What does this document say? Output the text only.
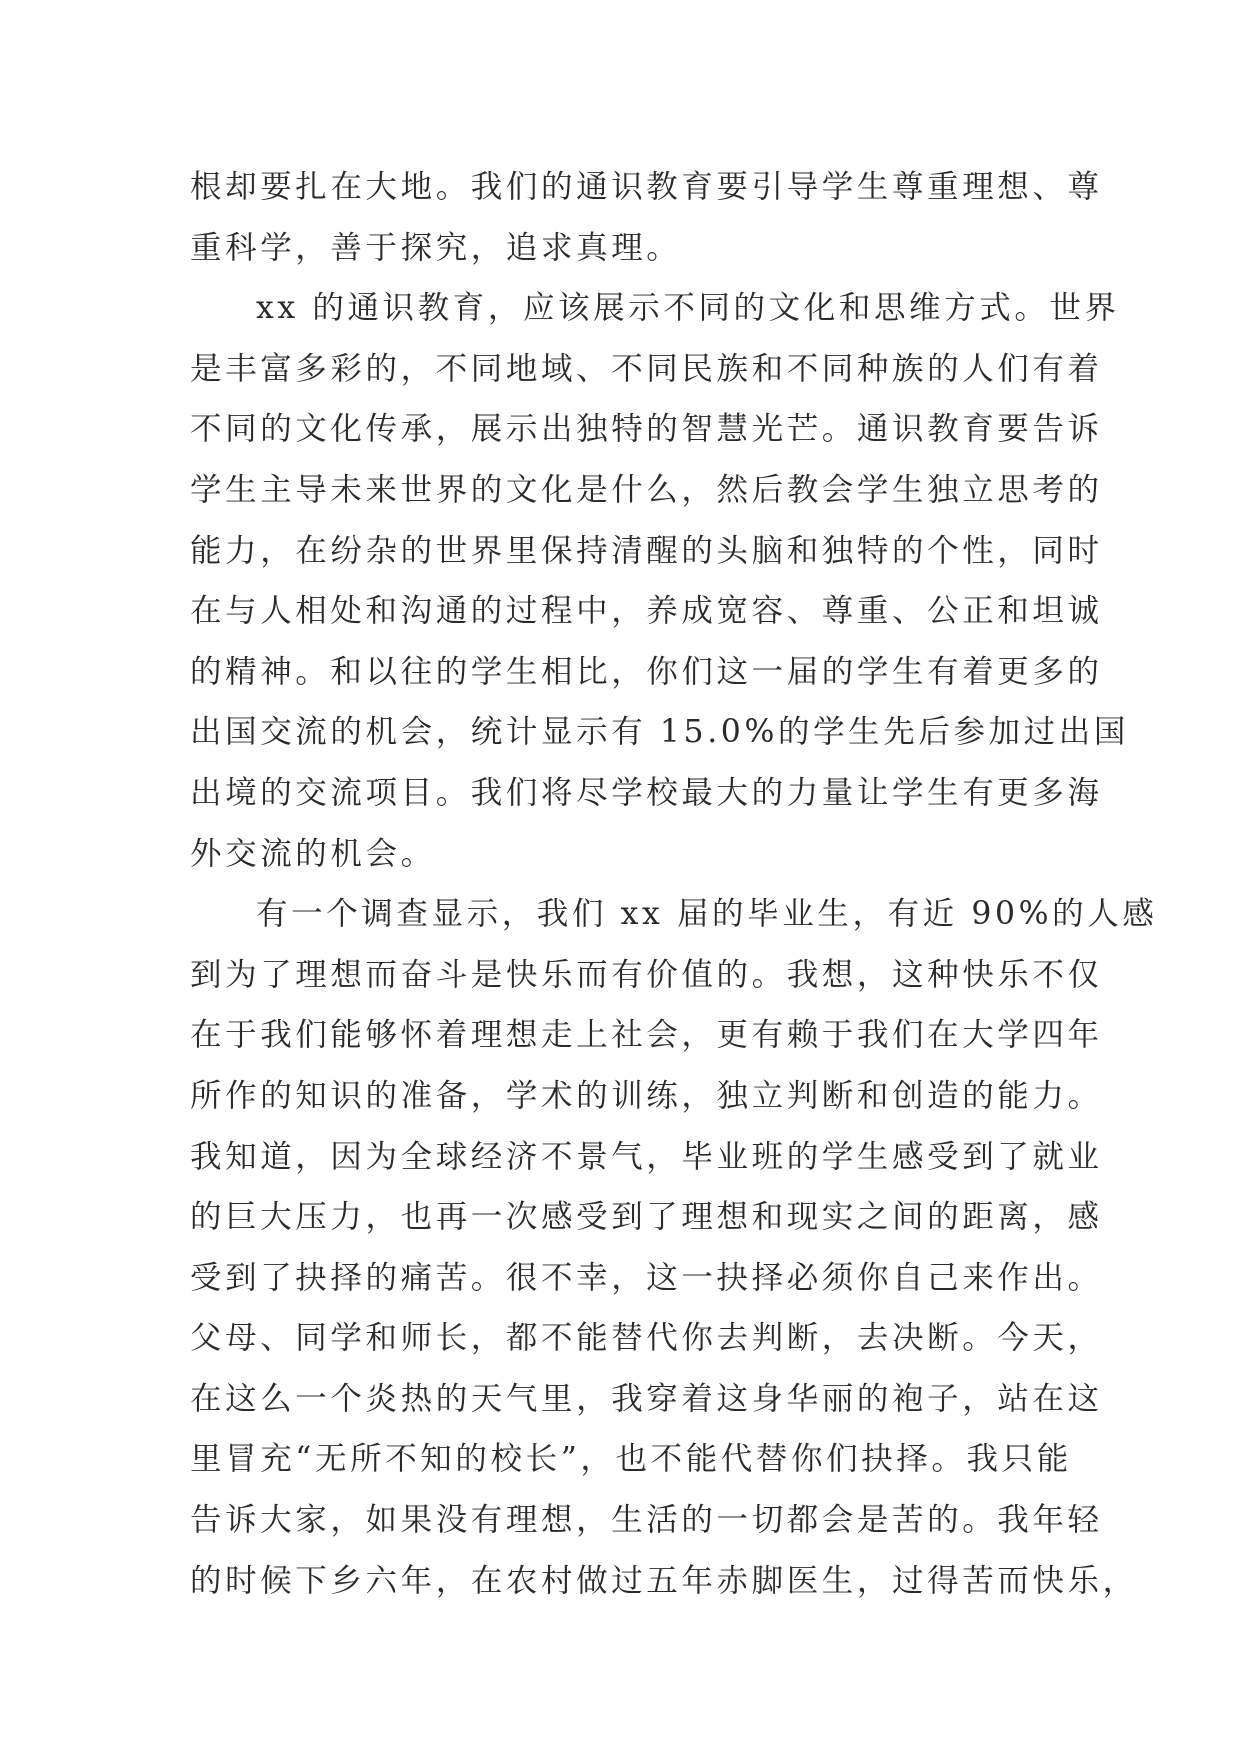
根却要扎在大地。我们的通识教育要引导学生尊重理想、尊
重科学，善于探究，追求真理。
xx 的通识教育，应该展示不同的文化和思维方式。世界
是丰富多彩的，不同地域、不同民族和不同种族的人们有着
不同的文化传承，展示出独特的智慧光芒。通识教育要告诉
学生主导未来世界的文化是什么，然后教会学生独立思考的
能力，在纷杂的世界里保持清醒的头脑和独特的个性，同时
在与人相处和沟通的过程中，养成宽容、尊重、公正和坦诚
的精神。和以往的学生相比，你们这一届的学生有着更多的
出国交流的机会，统计显示有 15.0%的学生先后参加过出国
出境的交流项目。我们将尽学校最大的力量让学生有更多海
外交流的机会。
有一个调查显示，我们 xx 届的毕业生，有近 90%的人感
到为了理想而奋斗是快乐而有价值的。我想，这种快乐不仅
在于我们能够怀着理想走上社会，更有赖于我们在大学四年
所作的知识的准备，学术的训练，独立判断和创造的能力。
我知道，因为全球经济不景气，毕业班的学生感受到了就业
的巨大压力，也再一次感受到了理想和现实之间的距离，感
受到了抉择的痛苦。很不幸，这一抉择必须你自己来作出。
父母、同学和师长，都不能替代你去判断，去决断。今天，
在这么一个炎热的天气里，我穿着这身华丽的袍子，站在这
里冒充“无所不知的校长”，也不能代替你们抉择。我只能
告诉大家，如果没有理想，生活的一切都会是苦的。我年轻
的时候下乡六年，在农村做过五年赤脚医生，过得苦而快乐，
